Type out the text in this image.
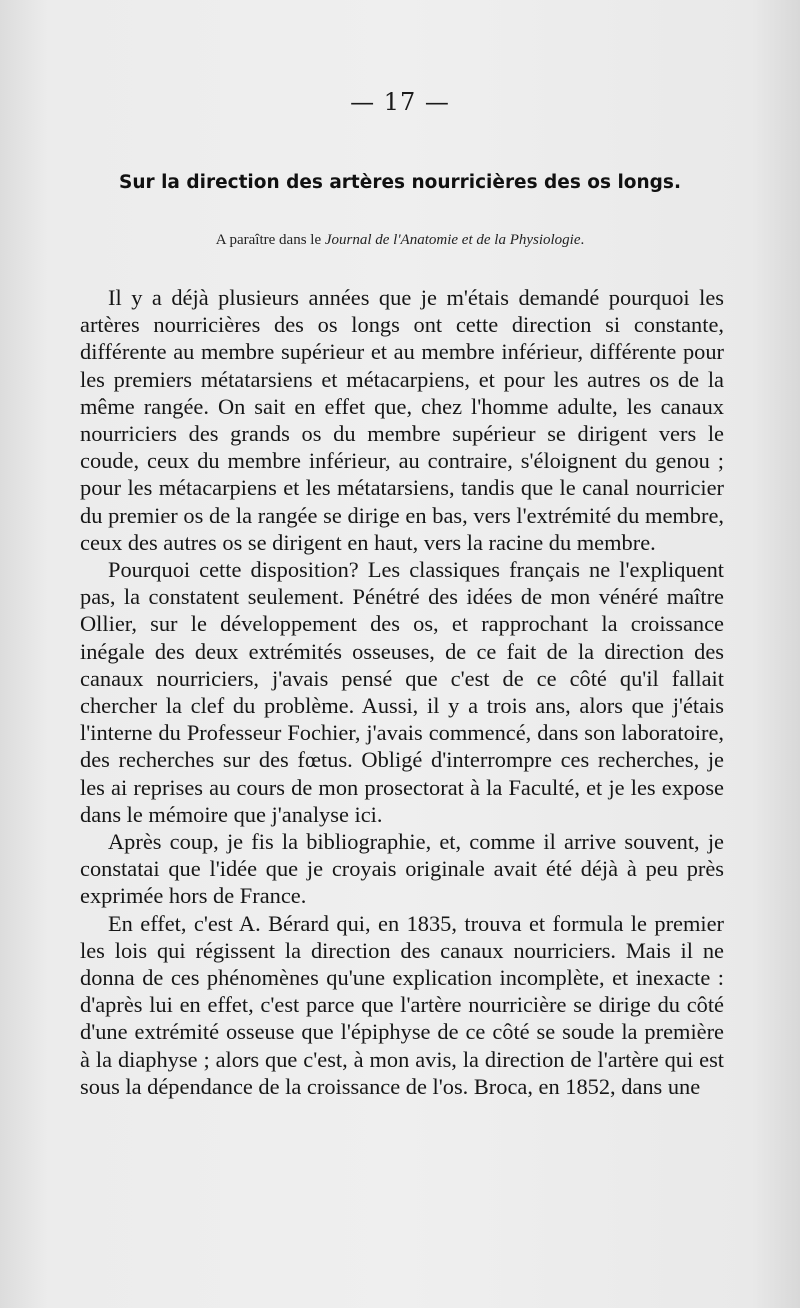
— 17 —
Sur la direction des artères nourricières des os longs.
A paraître dans le Journal de l'Anatomie et de la Physiologie.

Il y a déjà plusieurs années que je m'étais demandé pourquoi les artères nourricières des os longs ont cette direction si constante, différente au membre supérieur et au membre inférieur, différente pour les premiers métatarsiens et métacarpiens, et pour les autres os de la même rangée. On sait en effet que, chez l'homme adulte, les canaux nourriciers des grands os du membre supérieur se dirigent vers le coude, ceux du membre inférieur, au contraire, s'éloignent du genou ; pour les métacarpiens et les métatarsiens, tandis que le canal nourricier du premier os de la rangée se dirige en bas, vers l'extrémité du membre, ceux des autres os se dirigent en haut, vers la racine du membre.

Pourquoi cette disposition? Les classiques français ne l'expliquent pas, la constatent seulement. Pénétré des idées de mon vénéré maître Ollier, sur le développement des os, et rapprochant la croissance inégale des deux extrémités osseuses, de ce fait de la direction des canaux nourriciers, j'avais pensé que c'est de ce côté qu'il fallait chercher la clef du problème. Aussi, il y a trois ans, alors que j'étais l'interne du Professeur Fochier, j'avais commencé, dans son laboratoire, des recherches sur des fœtus. Obligé d'interrompre ces recherches, je les ai reprises au cours de mon prosectorat à la Faculté, et je les expose dans le mémoire que j'analyse ici.

Après coup, je fis la bibliographie, et, comme il arrive souvent, je constatai que l'idée que je croyais originale avait été déjà à peu près exprimée hors de France.

En effet, c'est A. Bérard qui, en 1835, trouva et formula le premier les lois qui régissent la direction des canaux nourriciers. Mais il ne donna de ces phénomènes qu'une explication incomplète, et inexacte : d'après lui en effet, c'est parce que l'artère nourricière se dirige du côté d'une extrémité osseuse que l'épiphyse de ce côté se soude la première à la diaphyse ; alors que c'est, à mon avis, la direction de l'artère qui est sous la dépendance de la croissance de l'os. Broca, en 1852, dans une
